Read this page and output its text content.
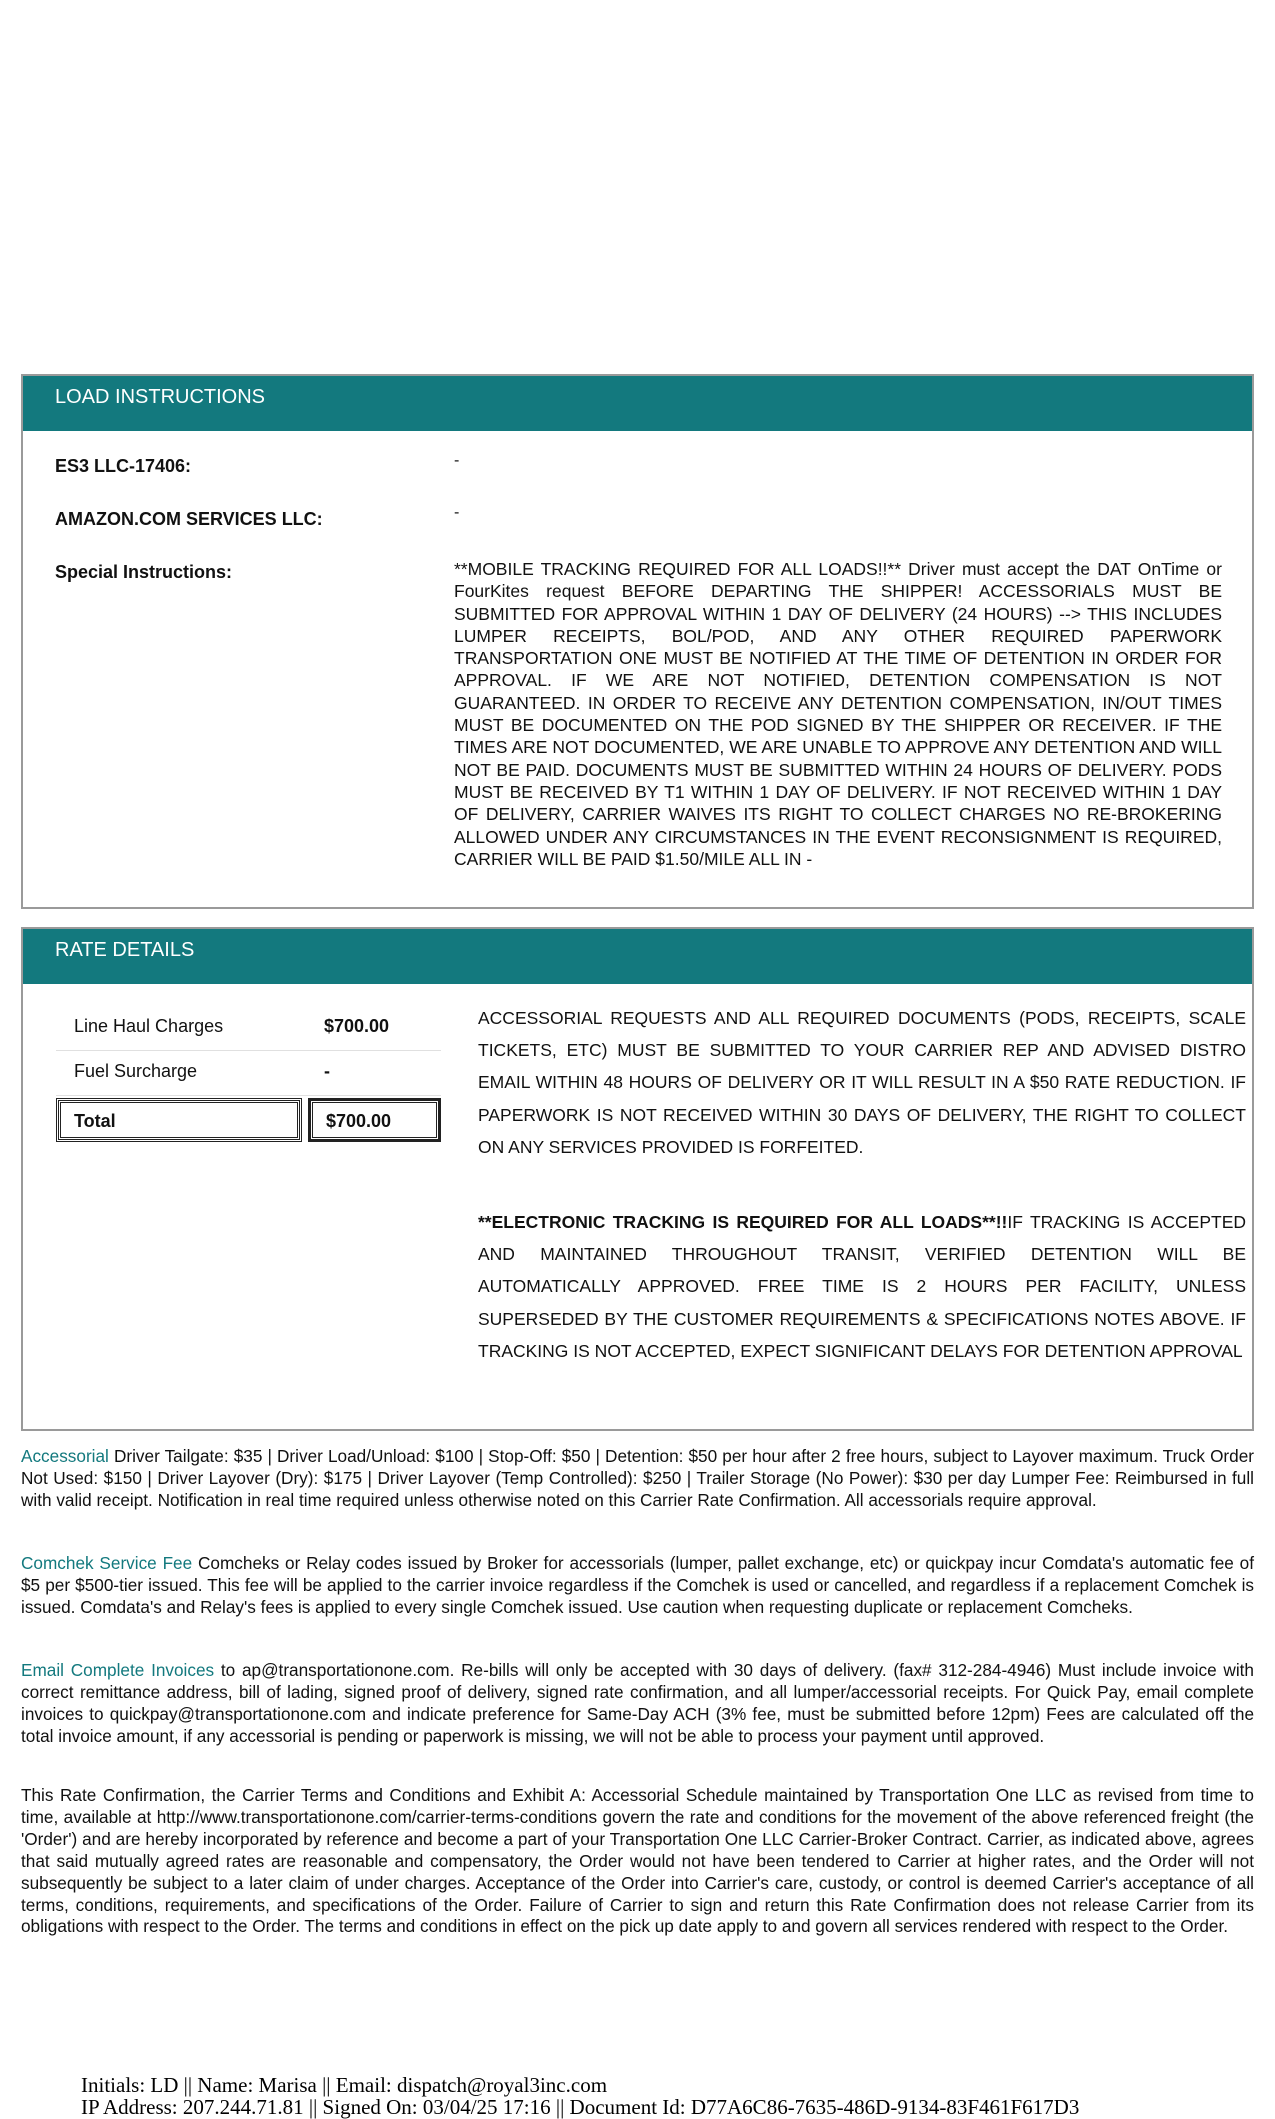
LOAD INSTRUCTIONS
ES3 LLC-17406:	-
AMAZON.COM SERVICES LLC:	-
Special Instructions:	**MOBILE TRACKING REQUIRED FOR ALL LOADS!!** Driver must accept the DAT OnTime or FourKites request BEFORE DEPARTING THE SHIPPER! ACCESSORIALS MUST BE SUBMITTED FOR APPROVAL WITHIN 1 DAY OF DELIVERY (24 HOURS) --> THIS INCLUDES LUMPER RECEIPTS, BOL/POD, AND ANY OTHER REQUIRED PAPERWORK TRANSPORTATION ONE MUST BE NOTIFIED AT THE TIME OF DETENTION IN ORDER FOR APPROVAL. IF WE ARE NOT NOTIFIED, DETENTION COMPENSATION IS NOT GUARANTEED. IN ORDER TO RECEIVE ANY DETENTION COMPENSATION, IN/OUT TIMES MUST BE DOCUMENTED ON THE POD SIGNED BY THE SHIPPER OR RECEIVER. IF THE TIMES ARE NOT DOCUMENTED, WE ARE UNABLE TO APPROVE ANY DETENTION AND WILL NOT BE PAID. DOCUMENTS MUST BE SUBMITTED WITHIN 24 HOURS OF DELIVERY. PODS MUST BE RECEIVED BY T1 WITHIN 1 DAY OF DELIVERY. IF NOT RECEIVED WITHIN 1 DAY OF DELIVERY, CARRIER WAIVES ITS RIGHT TO COLLECT CHARGES NO RE-BROKERING ALLOWED UNDER ANY CIRCUMSTANCES IN THE EVENT RECONSIGNMENT IS REQUIRED, CARRIER WILL BE PAID $1.50/MILE ALL IN -
RATE DETAILS
Line Haul Charges	$700.00
Fuel Surcharge	-
Total	$700.00
ACCESSORIAL REQUESTS AND ALL REQUIRED DOCUMENTS (PODS, RECEIPTS, SCALE TICKETS, ETC) MUST BE SUBMITTED TO YOUR CARRIER REP AND ADVISED DISTRO EMAIL WITHIN 48 HOURS OF DELIVERY OR IT WILL RESULT IN A $50 RATE REDUCTION. IF PAPERWORK IS NOT RECEIVED WITHIN 30 DAYS OF DELIVERY, THE RIGHT TO COLLECT ON ANY SERVICES PROVIDED IS FORFEITED.
**ELECTRONIC TRACKING IS REQUIRED FOR ALL LOADS**!!IF TRACKING IS ACCEPTED AND MAINTAINED THROUGHOUT TRANSIT, VERIFIED DETENTION WILL BE AUTOMATICALLY APPROVED. FREE TIME IS 2 HOURS PER FACILITY, UNLESS SUPERSEDED BY THE CUSTOMER REQUIREMENTS & SPECIFICATIONS NOTES ABOVE. IF TRACKING IS NOT ACCEPTED, EXPECT SIGNIFICANT DELAYS FOR DETENTION APPROVAL
Accessorial Driver Tailgate: $35 | Driver Load/Unload: $100 | Stop-Off: $50 | Detention: $50 per hour after 2 free hours, subject to Layover maximum. Truck Order Not Used: $150 | Driver Layover (Dry): $175 | Driver Layover (Temp Controlled): $250 | Trailer Storage (No Power): $30 per day Lumper Fee: Reimbursed in full with valid receipt. Notification in real time required unless otherwise noted on this Carrier Rate Confirmation. All accessorials require approval.
Comchek Service Fee Comcheks or Relay codes issued by Broker for accessorials (lumper, pallet exchange, etc) or quickpay incur Comdata's automatic fee of $5 per $500-tier issued. This fee will be applied to the carrier invoice regardless if the Comchek is used or cancelled, and regardless if a replacement Comchek is issued. Comdata's and Relay's fees is applied to every single Comchek issued. Use caution when requesting duplicate or replacement Comcheks.
Email Complete Invoices to ap@transportationone.com. Re-bills will only be accepted with 30 days of delivery. (fax# 312-284-4946) Must include invoice with correct remittance address, bill of lading, signed proof of delivery, signed rate confirmation, and all lumper/accessorial receipts. For Quick Pay, email complete invoices to quickpay@transportationone.com and indicate preference for Same-Day ACH (3% fee, must be submitted before 12pm) Fees are calculated off the total invoice amount, if any accessorial is pending or paperwork is missing, we will not be able to process your payment until approved.
This Rate Confirmation, the Carrier Terms and Conditions and Exhibit A: Accessorial Schedule maintained by Transportation One LLC as revised from time to time, available at http://www.transportationone.com/carrier-terms-conditions govern the rate and conditions for the movement of the above referenced freight (the 'Order') and are hereby incorporated by reference and become a part of your Transportation One LLC Carrier-Broker Contract. Carrier, as indicated above, agrees that said mutually agreed rates are reasonable and compensatory, the Order would not have been tendered to Carrier at higher rates, and the Order will not subsequently be subject to a later claim of under charges. Acceptance of the Order into Carrier's care, custody, or control is deemed Carrier's acceptance of all terms, conditions, requirements, and specifications of the Order. Failure of Carrier to sign and return this Rate Confirmation does not release Carrier from its obligations with respect to the Order. The terms and conditions in effect on the pick up date apply to and govern all services rendered with respect to the Order.
Initials: LD || Name: Marisa || Email: dispatch@royal3inc.com
IP Address: 207.244.71.81 || Signed On: 03/04/25 17:16 || Document Id: D77A6C86-7635-486D-9134-83F461F617D3
